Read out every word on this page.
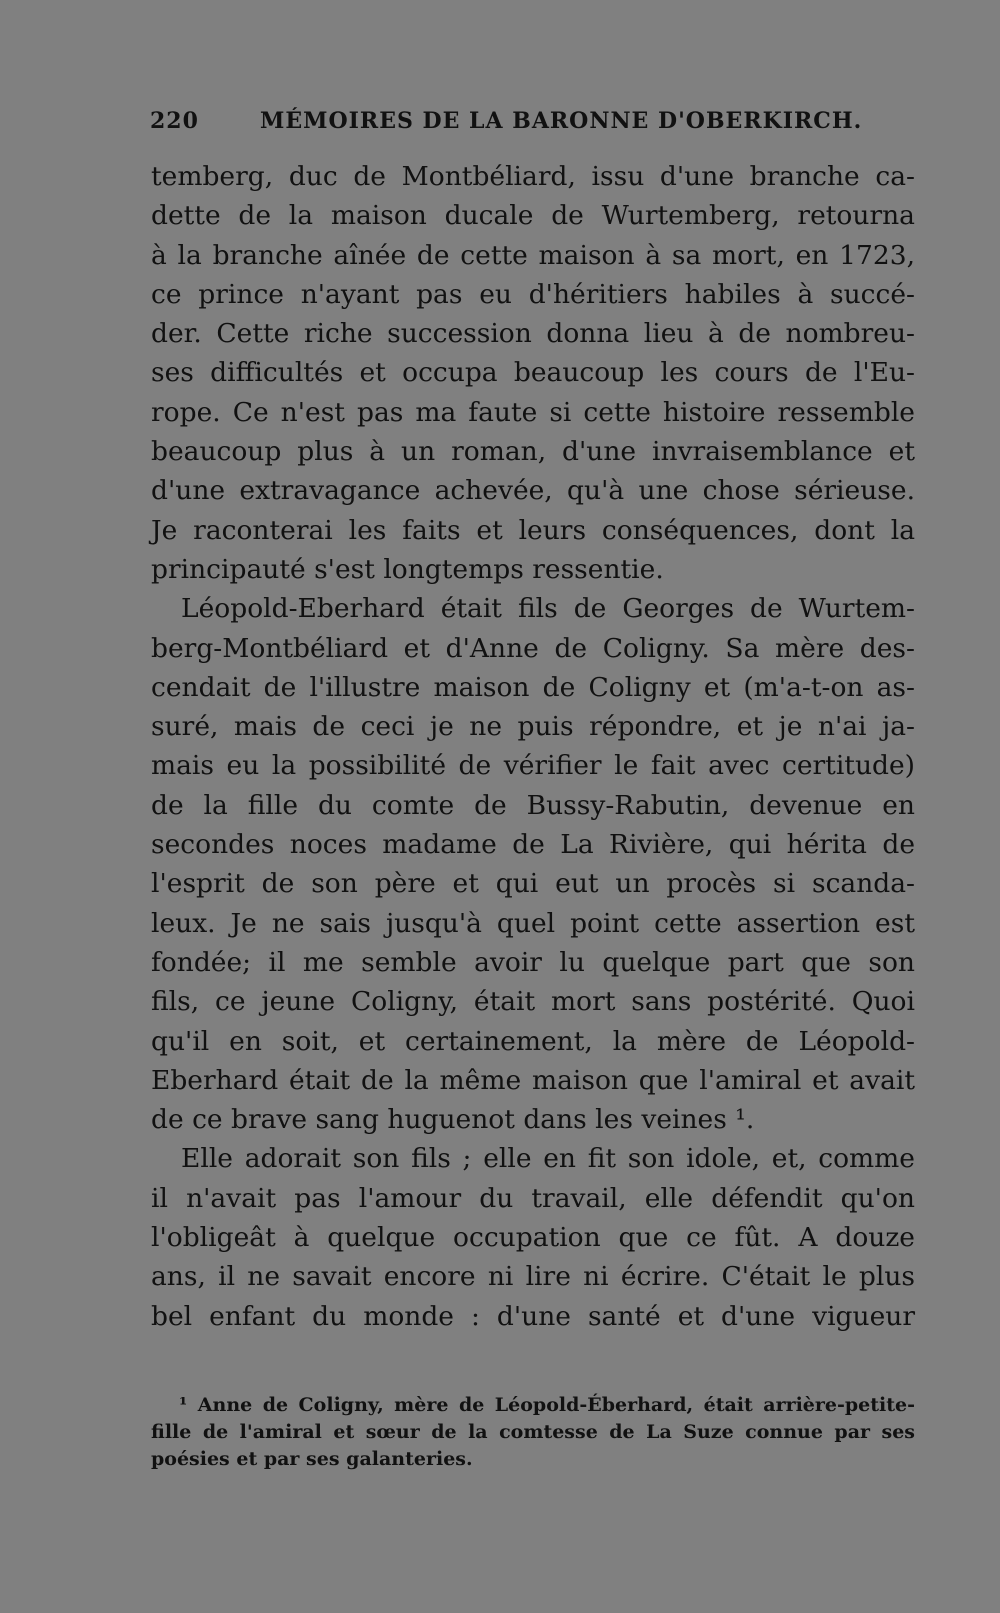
220	MÉMOIRES DE LA BARONNE D'OBERKIRCH.
temberg, duc de Montbéliard, issu d'une branche ca-
dette de la maison ducale de Wurtemberg, retourna
à la branche aînée de cette maison à sa mort, en 1723,
ce prince n'ayant pas eu d'héritiers habiles à succé-
der. Cette riche succession donna lieu à de nombreu-
ses difficultés et occupa beaucoup les cours de l'Eu-
rope. Ce n'est pas ma faute si cette histoire ressemble
beaucoup plus à un roman, d'une invraisemblance et
d'une extravagance achevée, qu'à une chose sérieuse.
Je raconterai les faits et leurs conséquences, dont la
principauté s'est longtemps ressentie.
Léopold-Eberhard était fils de Georges de Wurtem-
berg-Montbéliard et d'Anne de Coligny. Sa mère des-
cendait de l'illustre maison de Coligny et (m'a-t-on as-
suré, mais de ceci je ne puis répondre, et je n'ai ja-
mais eu la possibilité de vérifier le fait avec certitude)
de la fille du comte de Bussy-Rabutin, devenue en
secondes noces madame de La Rivière, qui hérita de
l'esprit de son père et qui eut un procès si scanda-
leux. Je ne sais jusqu'à quel point cette assertion est
fondée; il me semble avoir lu quelque part que son
fils, ce jeune Coligny, était mort sans postérité. Quoi
qu'il en soit, et certainement, la mère de Léopold-
Eberhard était de la même maison que l'amiral et avait
de ce brave sang huguenot dans les veines ¹.
Elle adorait son fils ; elle en fit son idole, et, comme
il n'avait pas l'amour du travail, elle défendit qu'on
l'obligeât à quelque occupation que ce fût. A douze
ans, il ne savait encore ni lire ni écrire. C'était le plus
bel enfant du monde : d'une santé et d'une vigueur
¹ Anne de Coligny, mère de Léopold-Éberhard, était arrière-petite-
fille de l'amiral et sœur de la comtesse de La Suze connue par ses
poésies et par ses galanteries.
